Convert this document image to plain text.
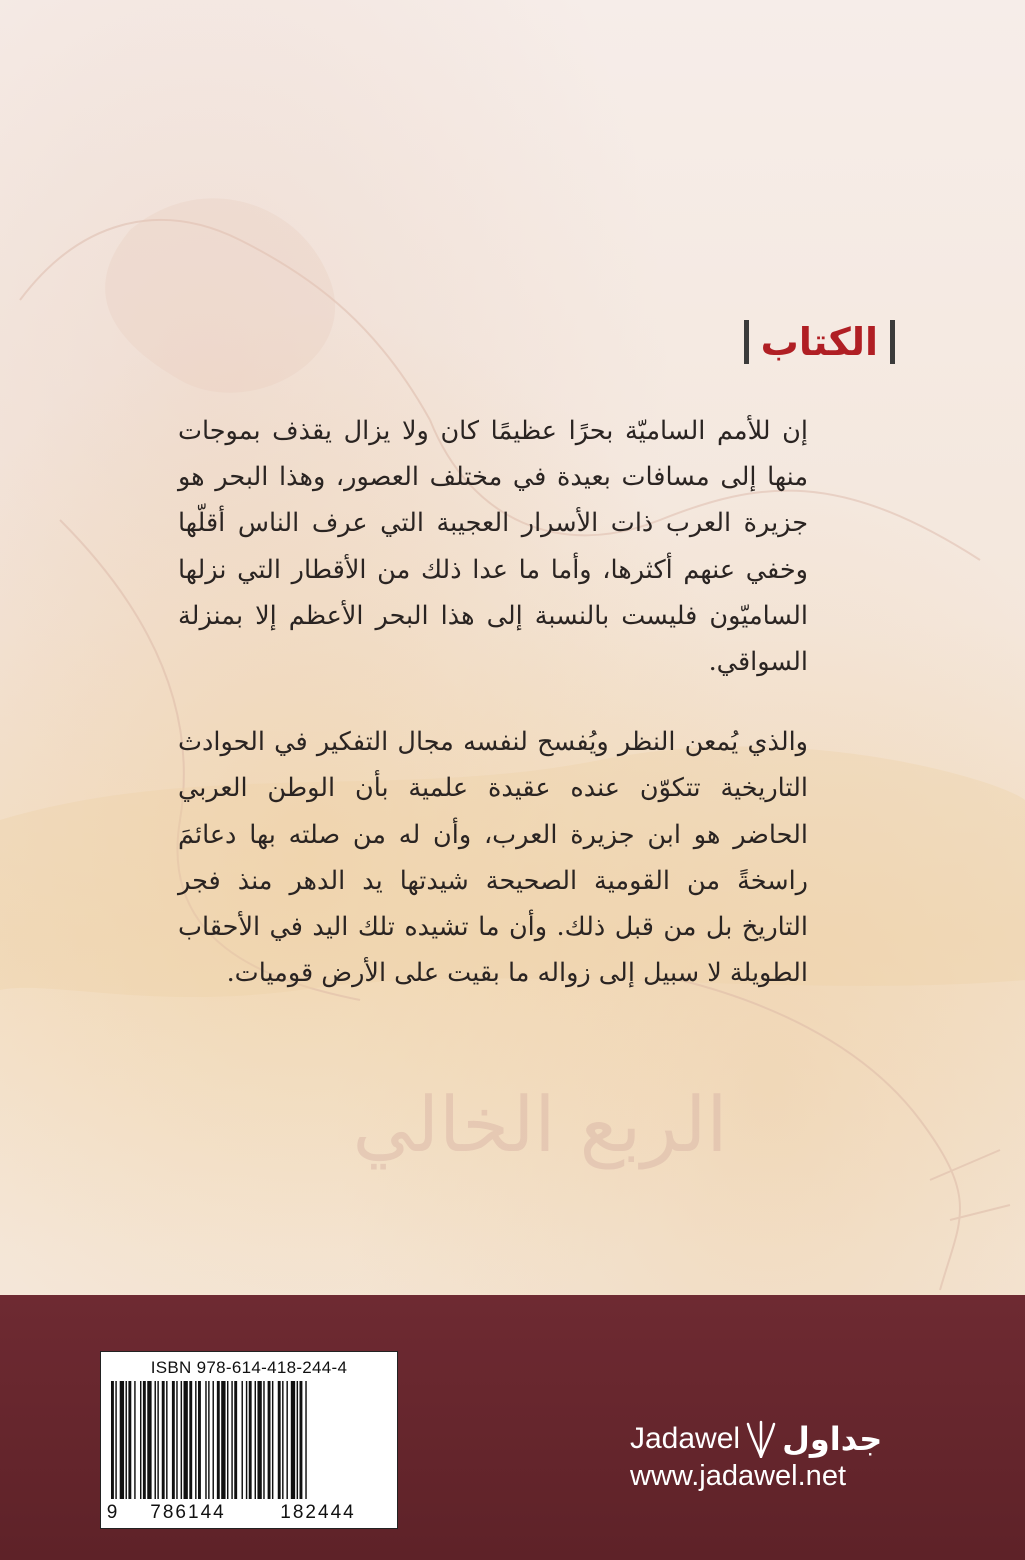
الربع الخالي
الكتاب

إن للأمم الساميّة بحرًا عظيمًا كان ولا يزال يقذف بموجات منها إلى مسافات بعيدة في مختلف العصور، وهذا البحر هو جزيرة العرب ذات الأسرار العجيبة التي عرف الناس أقلّها وخفي عنهم أكثرها، وأما ما عدا ذلك من الأقطار التي نزلها الساميّون فليست بالنسبة إلى هذا البحر الأعظم إلا بمنزلة السواقي.

والذي يُمعن النظر ويُفسح لنفسه مجال التفكير في الحوادث التاريخية تتكوّن عنده عقيدة علمية بأن الوطن العربي الحاضر هو ابن جزيرة العرب، وأن له من صلته بها دعائمَ راسخةً من القومية الصحيحة شيدتها يد الدهر منذ فجر التاريخ بل من قبل ذلك. وأن ما تشيده تلك اليد في الأحقاب الطويلة لا سبيل إلى زواله ما بقيت على الأرض قوميات.

ISBN 978-614-418-244-4
9	786144	182444
Jadawel جداول
www.jadawel.net
